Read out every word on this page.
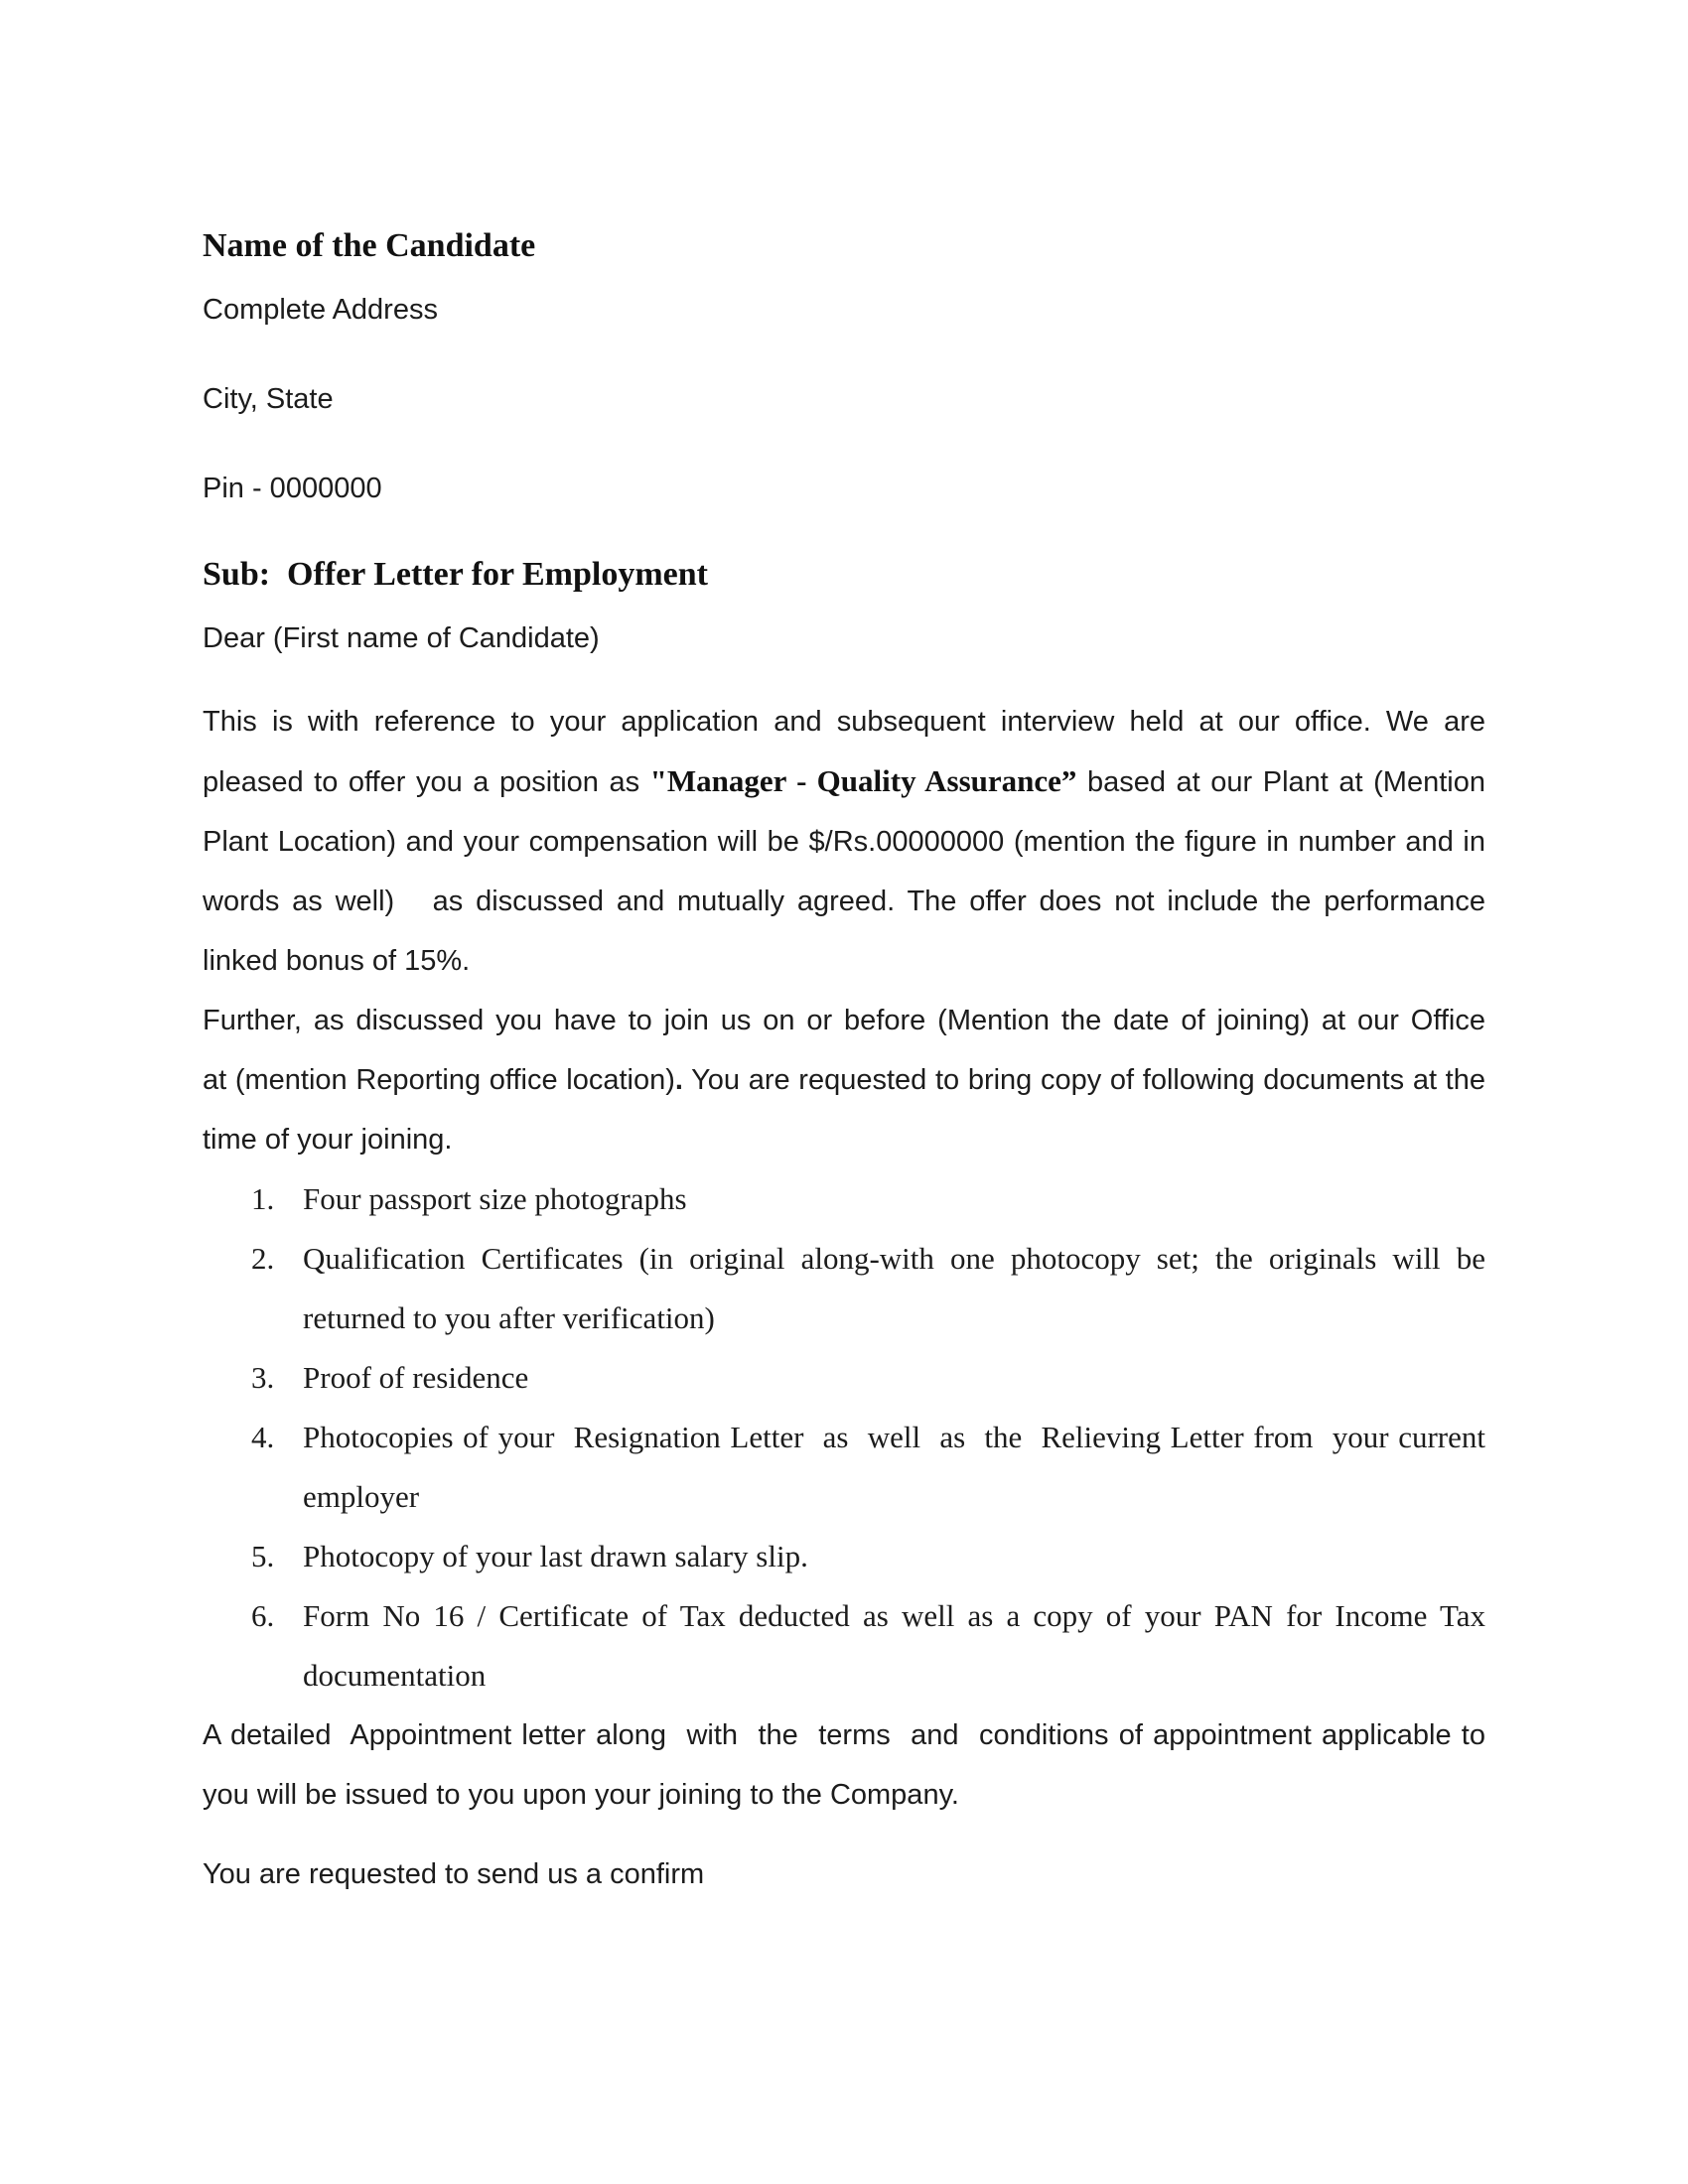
Name of the Candidate

Complete Address

City, State

Pin - 0000000

Sub:  Offer Letter for Employment

Dear (First name of Candidate)

This is with reference to your application and subsequent interview held at our office. We are pleased to offer you a position as "Manager - Quality Assurance” based at our Plant at (Mention Plant Location) and your compensation will be $/Rs.00000000 (mention the figure in number and in words as well)   as discussed and mutually agreed. The offer does not include the performance linked bonus of 15%.

Further, as discussed you have to join us on or before (Mention the date of joining) at our Office at (mention Reporting office location). You are requested to bring copy of following documents at the time of your joining.

1. Four passport size photographs
2. Qualification Certificates (in original along-with one photocopy set; the originals will be returned to you after verification)
3. Proof of residence
4. Photocopies of your  Resignation Letter  as  well  as  the  Relieving Letter from  your current employer
5. Photocopy of your last drawn salary slip.
6. Form No 16 / Certificate of Tax deducted as well as a copy of your PAN for Income Tax documentation

A detailed  Appointment letter along  with  the  terms  and  conditions of appointment applicable to you will be issued to you upon your joining to the Company.

You are requested to send us a confirm
